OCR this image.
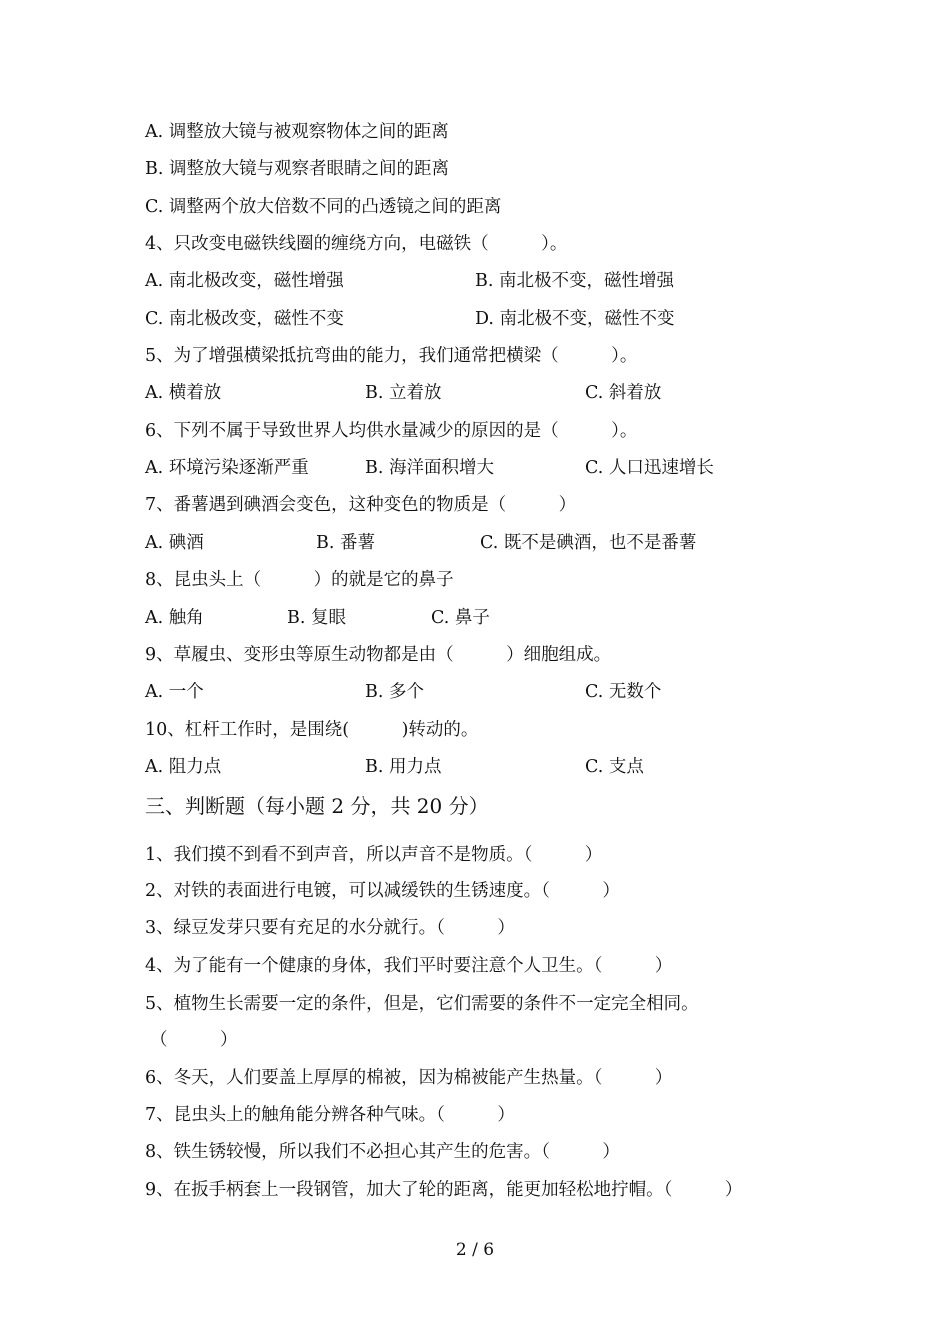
A. 调整放大镜与被观察物体之间的距离
B. 调整放大镜与观察者眼睛之间的距离
C. 调整两个放大倍数不同的凸透镜之间的距离
4、只改变电磁铁线圈的缠绕方向，电磁铁（　　　）。
A. 南北极改变，磁性增强	B. 南北极不变，磁性增强
C. 南北极改变，磁性不变	D. 南北极不变，磁性不变
5、为了增强横梁抵抗弯曲的能力，我们通常把横梁（　　　）。
A. 横着放	B. 立着放	C. 斜着放
6、下列不属于导致世界人均供水量减少的原因的是（　　　）。
A. 环境污染逐渐严重	B. 海洋面积增大	C. 人口迅速增长
7、番薯遇到碘酒会变色，这种变色的物质是（　　　）
A. 碘酒	B. 番薯	C. 既不是碘酒，也不是番薯
8、昆虫头上（　　　）的就是它的鼻子
A. 触角	B. 复眼	C. 鼻子
9、草履虫、变形虫等原生动物都是由（　　　）细胞组成。
A. 一个	B. 多个	C. 无数个
10、杠杆工作时，是围绕(　　　)转动的。
A. 阻力点	B. 用力点	C. 支点
三、判断题（每小题 2 分，共 20 分）
1、我们摸不到看不到声音，所以声音不是物质。（　　　）
2、对铁的表面进行电镀，可以减缓铁的生锈速度。（　　　）
3、绿豆发芽只要有充足的水分就行。（　　　）
4、为了能有一个健康的身体，我们平时要注意个人卫生。（　　　）
5、植物生长需要一定的条件，但是，它们需要的条件不一定完全相同。
（　　　）
6、冬天，人们要盖上厚厚的棉被，因为棉被能产生热量。（　　　）
7、昆虫头上的触角能分辨各种气味。（　　　）
8、铁生锈较慢，所以我们不必担心其产生的危害。（　　　）
9、在扳手柄套上一段钢管，加大了轮的距离，能更加轻松地拧帽。（　　　）
2 / 6
